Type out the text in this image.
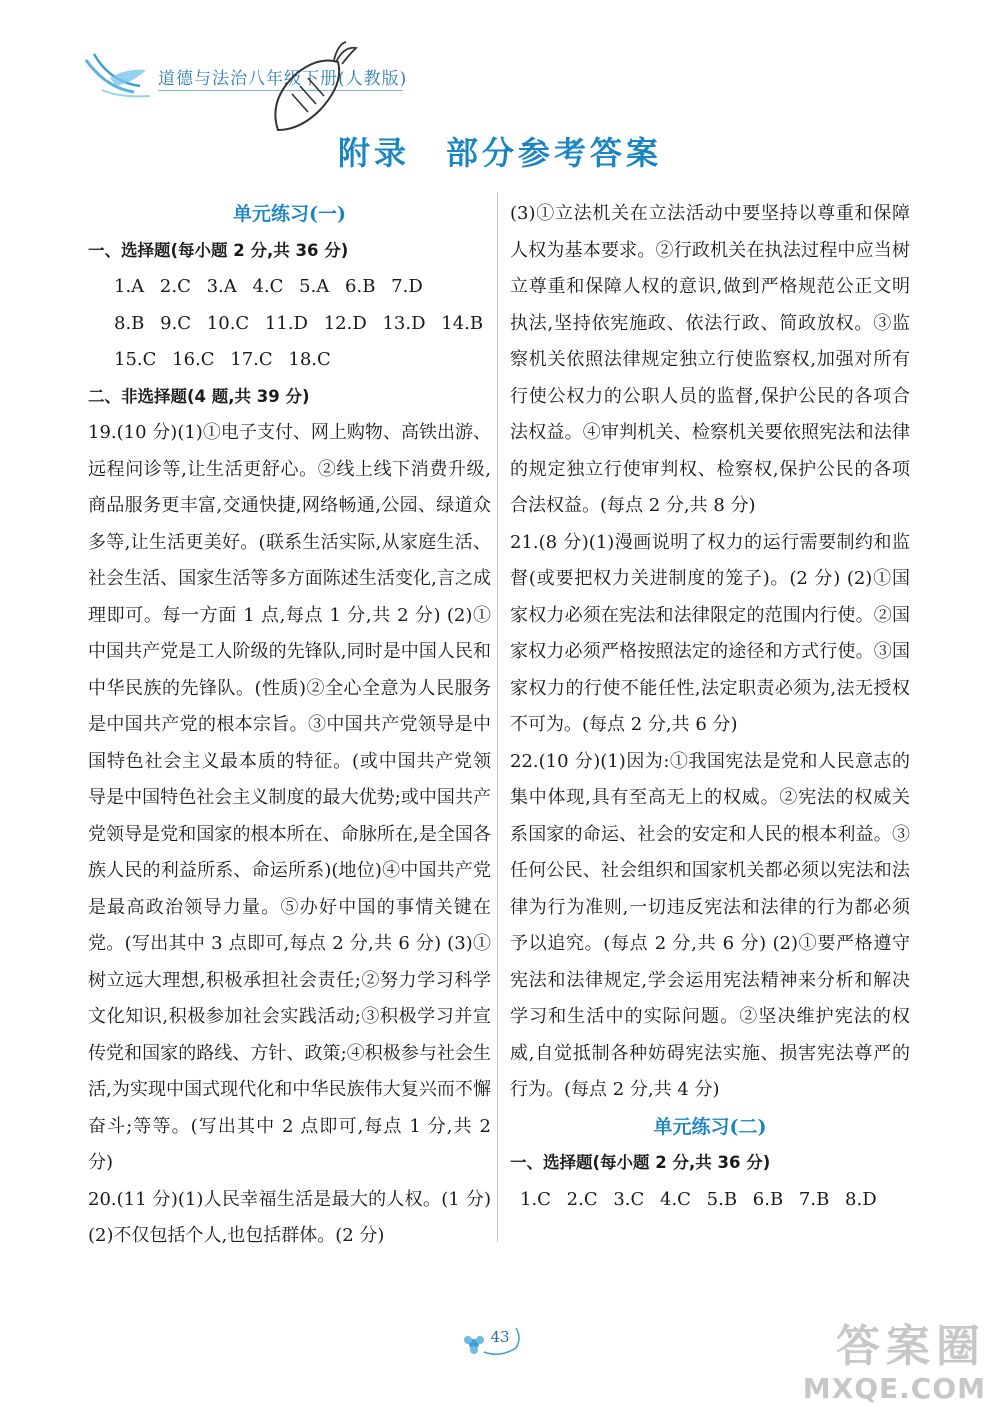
道德与法治八年级下册(人教版)
附录　部分参考答案
单元练习(一)
一、选择题(每小题 2 分,共 36 分)
1.A 2.C 3.A 4.C 5.A 6.B 7.D
8.B 9.C 10.C 11.D 12.D 13.D 14.B
15.C 16.C 17.C 18.C
二、非选择题(4 题,共 39 分)
19.(10 分)(1)①电子支付、网上购物、高铁出游、远程问诊等,让生活更舒心。②线上线下消费升级,商品服务更丰富,交通快捷,网络畅通,公园、绿道众多等,让生活更美好。(联系生活实际,从家庭生活、社会生活、国家生活等多方面陈述生活变化,言之成理即可。每一方面 1 点,每点 1 分,共 2 分) (2)①中国共产党是工人阶级的先锋队,同时是中国人民和中华民族的先锋队。(性质)②全心全意为人民服务是中国共产党的根本宗旨。③中国共产党领导是中国特色社会主义最本质的特征。(或中国共产党领导是中国特色社会主义制度的最大优势;或中国共产党领导是党和国家的根本所在、命脉所在,是全国各族人民的利益所系、命运所系)(地位)④中国共产党是最高政治领导力量。⑤办好中国的事情关键在党。(写出其中 3 点即可,每点 2 分,共 6 分) (3)①树立远大理想,积极承担社会责任;②努力学习科学文化知识,积极参加社会实践活动;③积极学习并宣传党和国家的路线、方针、政策;④积极参与社会生活,为实现中国式现代化和中华民族伟大复兴而不懈奋斗;等等。(写出其中 2 点即可,每点 1 分,共 2 分)
20.(11 分)(1)人民幸福生活是最大的人权。(1 分) (2)不仅包括个人,也包括群体。(2 分)
(3)①立法机关在立法活动中要坚持以尊重和保障人权为基本要求。②行政机关在执法过程中应当树立尊重和保障人权的意识,做到严格规范公正文明执法,坚持依宪施政、依法行政、简政放权。③监察机关依照法律规定独立行使监察权,加强对所有行使公权力的公职人员的监督,保护公民的各项合法权益。④审判机关、检察机关要依照宪法和法律的规定独立行使审判权、检察权,保护公民的各项合法权益。(每点 2 分,共 8 分)
21.(8 分)(1)漫画说明了权力的运行需要制约和监督(或要把权力关进制度的笼子)。(2 分) (2)①国家权力必须在宪法和法律限定的范围内行使。②国家权力必须严格按照法定的途径和方式行使。③国家权力的行使不能任性,法定职责必须为,法无授权不可为。(每点 2 分,共 6 分)
22.(10 分)(1)因为:①我国宪法是党和人民意志的集中体现,具有至高无上的权威。②宪法的权威关系国家的命运、社会的安定和人民的根本利益。③任何公民、社会组织和国家机关都必须以宪法和法律为行为准则,一切违反宪法和法律的行为都必须予以追究。(每点 2 分,共 6 分) (2)①要严格遵守宪法和法律规定,学会运用宪法精神来分析和解决学习和生活中的实际问题。②坚决维护宪法的权威,自觉抵制各种妨碍宪法实施、损害宪法尊严的行为。(每点 2 分,共 4 分)
单元练习(二)
一、选择题(每小题 2 分,共 36 分)
1.C 2.C 3.C 4.C 5.B 6.B 7.B 8.D
43	答案圈
MXQE.COM
